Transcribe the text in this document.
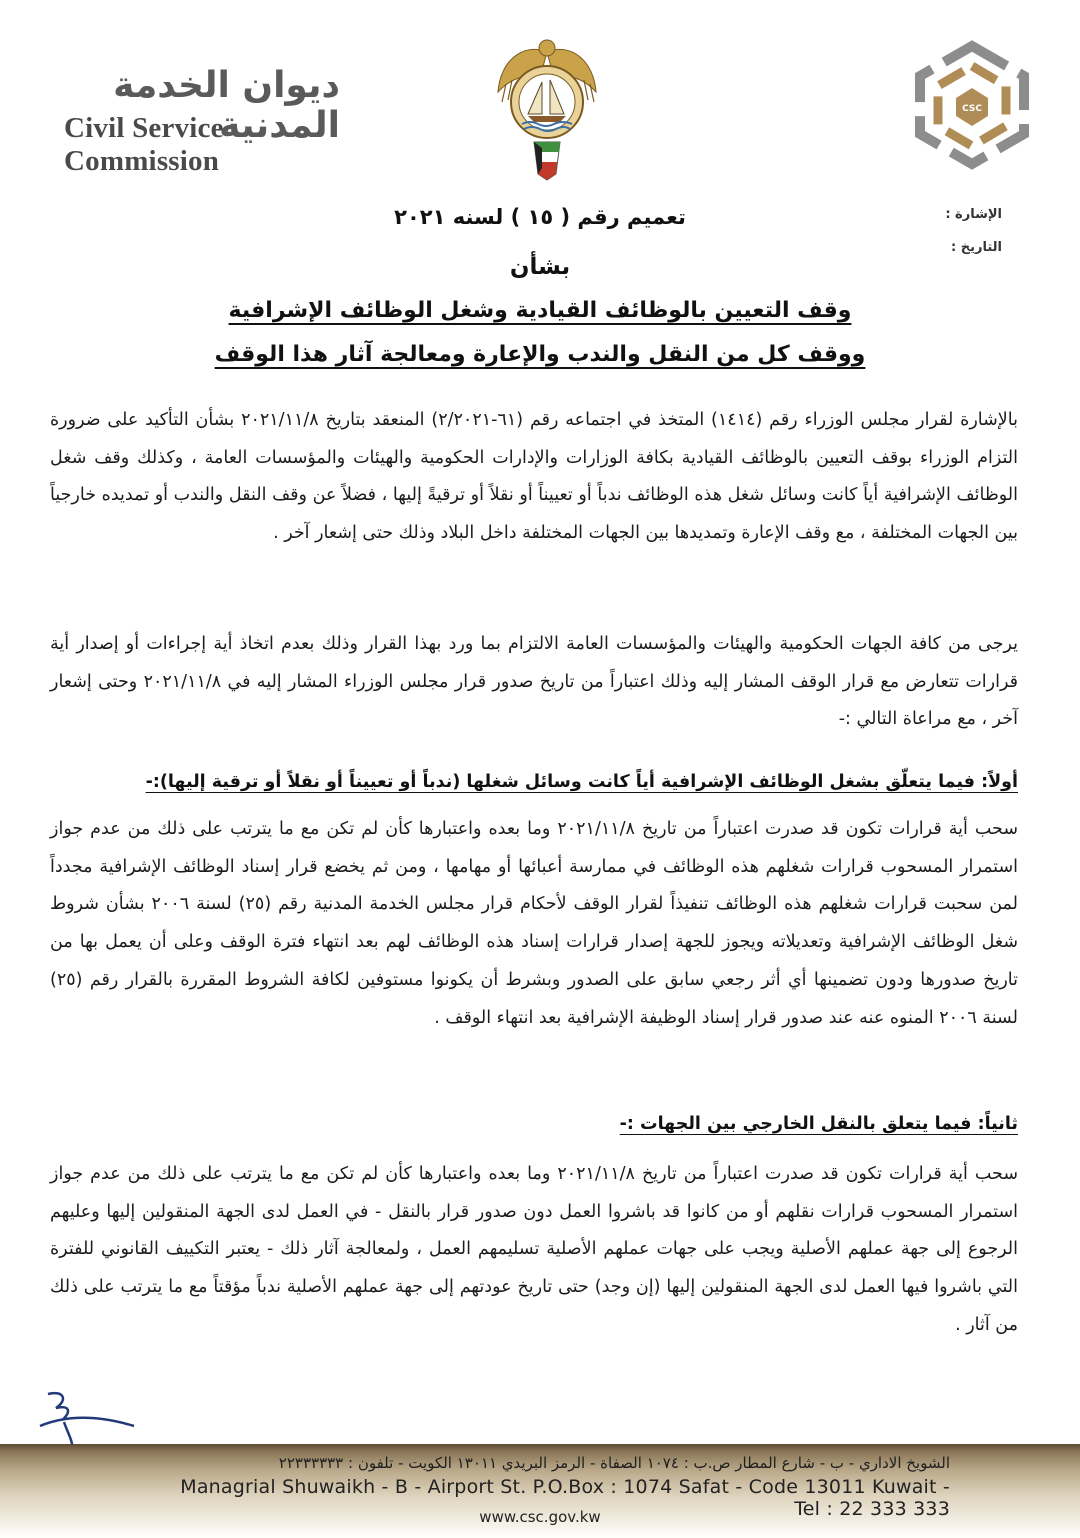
ديوان الخدمة المدنية
Civil Service Commission
CSC
الإشارة :
التاريخ :
تعميم رقم ( ١٥ ) لسنه ٢٠٢١
بشأن
وقف التعيين بالوظائف القيادية وشغل الوظائف الإشرافية
ووقف كل من النقل والندب والإعارة ومعالجة آثار هذا الوقف

بالإشارة لقرار مجلس الوزراء رقم (١٤١٤) المتخذ في اجتماعه رقم (٦١-٢/٢٠٢١) المنعقد بتاريخ ٢٠٢١/١١/٨ بشأن التأكيد على ضرورة التزام الوزراء بوقف التعيين بالوظائف القيادية بكافة الوزارات والإدارات الحكومية والهيئات والمؤسسات العامة ، وكذلك وقف شغل الوظائف الإشرافية أياً كانت وسائل شغل هذه الوظائف ندباً أو تعييناً أو نقلاً أو ترقيةً إليها ، فضلاً عن وقف النقل والندب أو تمديده خارجياً بين الجهات المختلفة ، مع وقف الإعارة وتمديدها بين الجهات المختلفة داخل البلاد وذلك حتى إشعار آخر .

يرجى من كافة الجهات الحكومية والهيئات والمؤسسات العامة الالتزام بما ورد بهذا القرار وذلك بعدم اتخاذ أية إجراءات أو إصدار أية قرارات تتعارض مع قرار الوقف المشار إليه وذلك اعتباراً من تاريخ صدور قرار مجلس الوزراء المشار إليه في ٢٠٢١/١١/٨ وحتى إشعار آخر ، مع مراعاة التالي :-

أولاً: فيما يتعلّق بشغل الوظائف الإشرافية أياً كانت وسائل شغلها (ندباً أو تعييناً أو نقلاً أو ترقية إليها):-

سحب أية قرارات تكون قد صدرت اعتباراً من تاريخ ٢٠٢١/١١/٨ وما بعده واعتبارها كأن لم تكن مع ما يترتب على ذلك من عدم جواز استمرار المسحوب قرارات شغلهم هذه الوظائف في ممارسة أعبائها أو مهامها ، ومن ثم يخضع قرار إسناد الوظائف الإشرافية مجدداً لمن سحبت قرارات شغلهم هذه الوظائف تنفيذاً لقرار الوقف لأحكام قرار مجلس الخدمة المدنية رقم (٢٥) لسنة ٢٠٠٦ بشأن شروط شغل الوظائف الإشرافية وتعديلاته ويجوز للجهة إصدار قرارات إسناد هذه الوظائف لهم بعد انتهاء فترة الوقف وعلى أن يعمل بها من تاريخ صدورها ودون تضمينها أي أثر رجعي سابق على الصدور وبشرط أن يكونوا مستوفين لكافة الشروط المقررة بالقرار رقم (٢٥) لسنة ٢٠٠٦ المنوه عنه عند صدور قرار إسناد الوظيفة الإشرافية بعد انتهاء الوقف .

ثانياً: فيما يتعلق بالنقل الخارجي بين الجهات :-

سحب أية قرارات تكون قد صدرت اعتباراً من تاريخ ٢٠٢١/١١/٨ وما بعده واعتبارها كأن لم تكن مع ما يترتب على ذلك من عدم جواز استمرار المسحوب قرارات نقلهم أو من كانوا قد باشروا العمل دون صدور قرار بالنقل - في العمل لدى الجهة المنقولين إليها وعليهم الرجوع إلى جهة عملهم الأصلية ويجب على جهات عملهم الأصلية تسليمهم العمل ، ولمعالجة آثار ذلك - يعتبر التكييف القانوني للفترة التي باشروا فيها العمل لدى الجهة المنقولين إليها (إن وجد) حتى تاريخ عودتهم إلى جهة عملهم الأصلية ندباً مؤقتاً مع ما يترتب على ذلك من آثار .

الشويخ الاداري - ب - شارع المطار ص.ب : ١٠٧٤ الصفاة - الرمز البريدي ١٣٠١١ الكويت - تلفون : ٢٢٣٣٣٣٣٣
Managrial Shuwaikh - B - Airport St. P.O.Box : 1074 Safat - Code 13011 Kuwait - Tel : 22 333 333
www.csc.gov.kw
